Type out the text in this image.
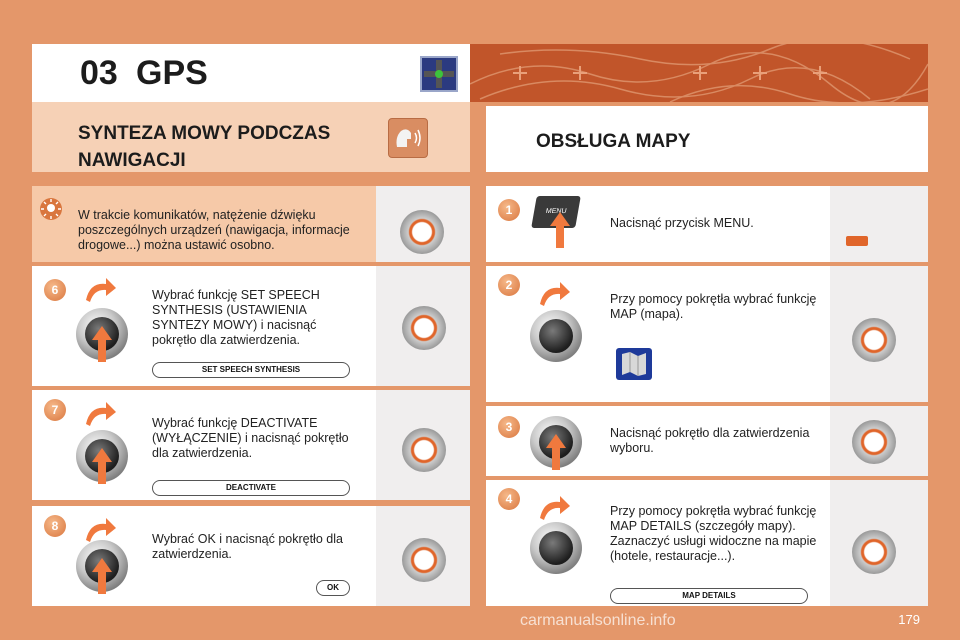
03 GPS
SYNTEZA MOWY PODCZAS
NAWIGACJI
OBSŁUGA MAPY
W trakcie komunikatów, natężenie dźwięku poszczególnych urządzeń (nawigacja, informacje drogowe...) można ustawić osobno.
6	Wybrać funkcję SET SPEECH SYNTHESIS (USTAWIENIA SYNTEZY MOWY) i nacisnąć pokrętło dla zatwierdzenia.
SET SPEECH SYNTHESIS
7
Wybrać funkcję DEACTIVATE (WYŁĄCZENIE) i nacisnąć pokrętło dla zatwierdzenia.
DEACTIVATE
8
Wybrać OK i nacisnąć pokrętło dla zatwierdzenia.
OK
1	MENU
Nacisnąć przycisk MENU.
2
Przy pomocy pokrętła wybrać funkcję MAP (mapa).
3	Nacisnąć pokrętło dla zatwierdzenia wyboru.
4
Przy pomocy pokrętła wybrać funkcję MAP DETAILS (szczegóły mapy). Zaznaczyć usługi widoczne na mapie (hotele, restauracje...).
MAP DETAILS
carmanualsonline.info	179
